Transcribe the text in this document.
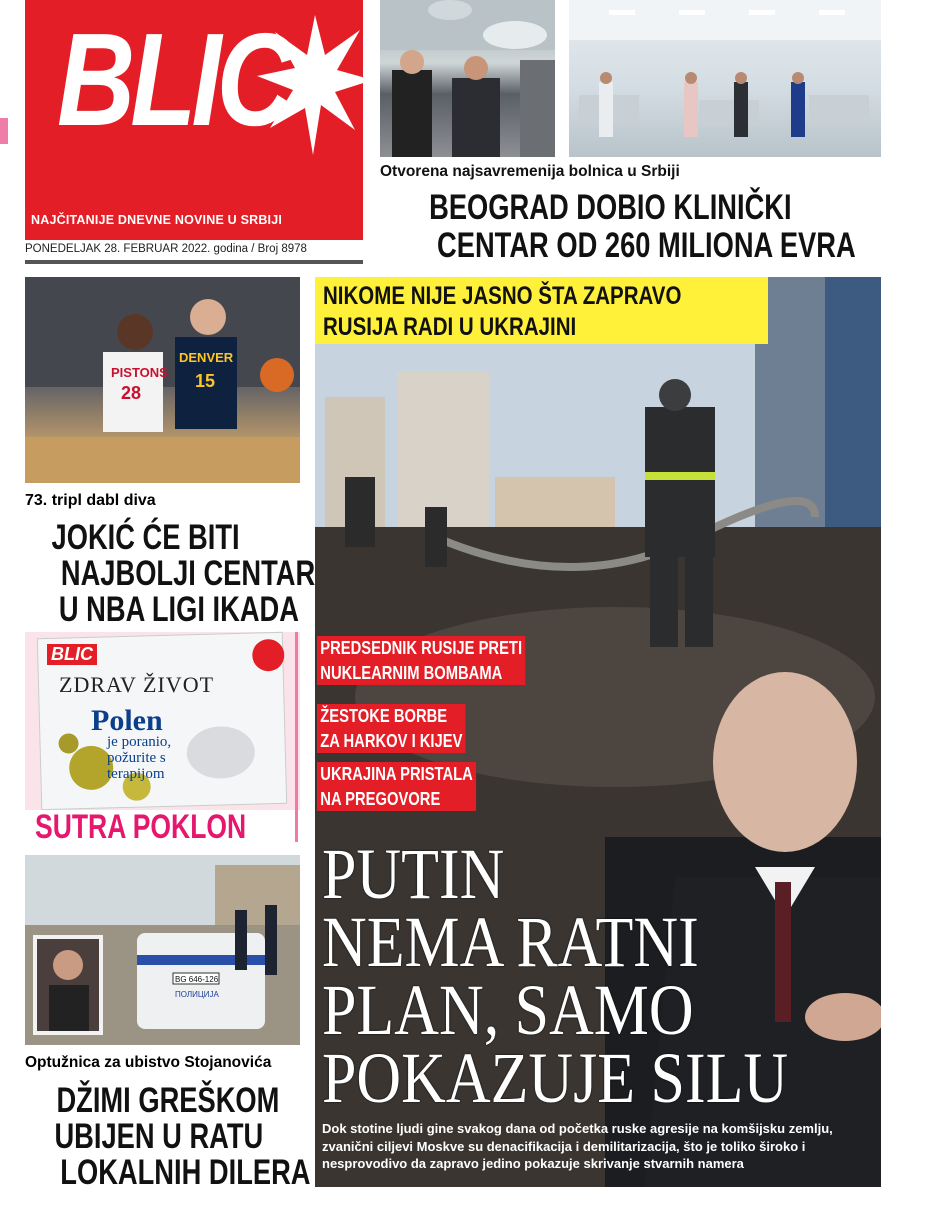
BLIC
NAJČITANIJE DNEVNE NOVINE U SRBIJI
PONEDELJAK 28. FEBRUAR 2022. godina / Broj 8978
Otvorena najsavremenija bolnica u Srbiji
BEOGRAD DOBIO KLINIČKI
CENTAR OD 260 MILIONA EVRA
PISTONS
28
DENVER
15
73. tripl dabl diva
JOKIĆ ĆE BITI
NAJBOLJI CENTAR
U NBA LIGI IKADA
BLIC
ZDRAV ŽIVOT
Polen
je poranio,
požurite s
terapijom
SUTRA POKLON
BG 646-126
ПОЛИЦИЈА
Optužnica za ubistvo Stojanovića
DŽIMI GREŠKOM
UBIJEN U RATU
LOKALNIH DILERA
NIKOME NIJE JASNO ŠTA ZAPRAVO
RUSIJA RADI U UKRAJINI
PREDSEDNIK RUSIJE PRETI
NUKLEARNIM BOMBAMA
ŽESTOKE BORBE
ZA HARKOV I KIJEV
UKRAJINA PRISTALA
NA PREGOVORE
PUTIN
NEMA RATNI
PLAN, SAMO
POKAZUJE SILU
Dok stotine ljudi gine svakog dana od početka ruske agresije na komšijsku zemlju, zvanični ciljevi Moskve su denacifikacija i demilitarizacija, što je toliko široko i nesprovodivo da zapravo jedino pokazuje skrivanje stvarnih namera
